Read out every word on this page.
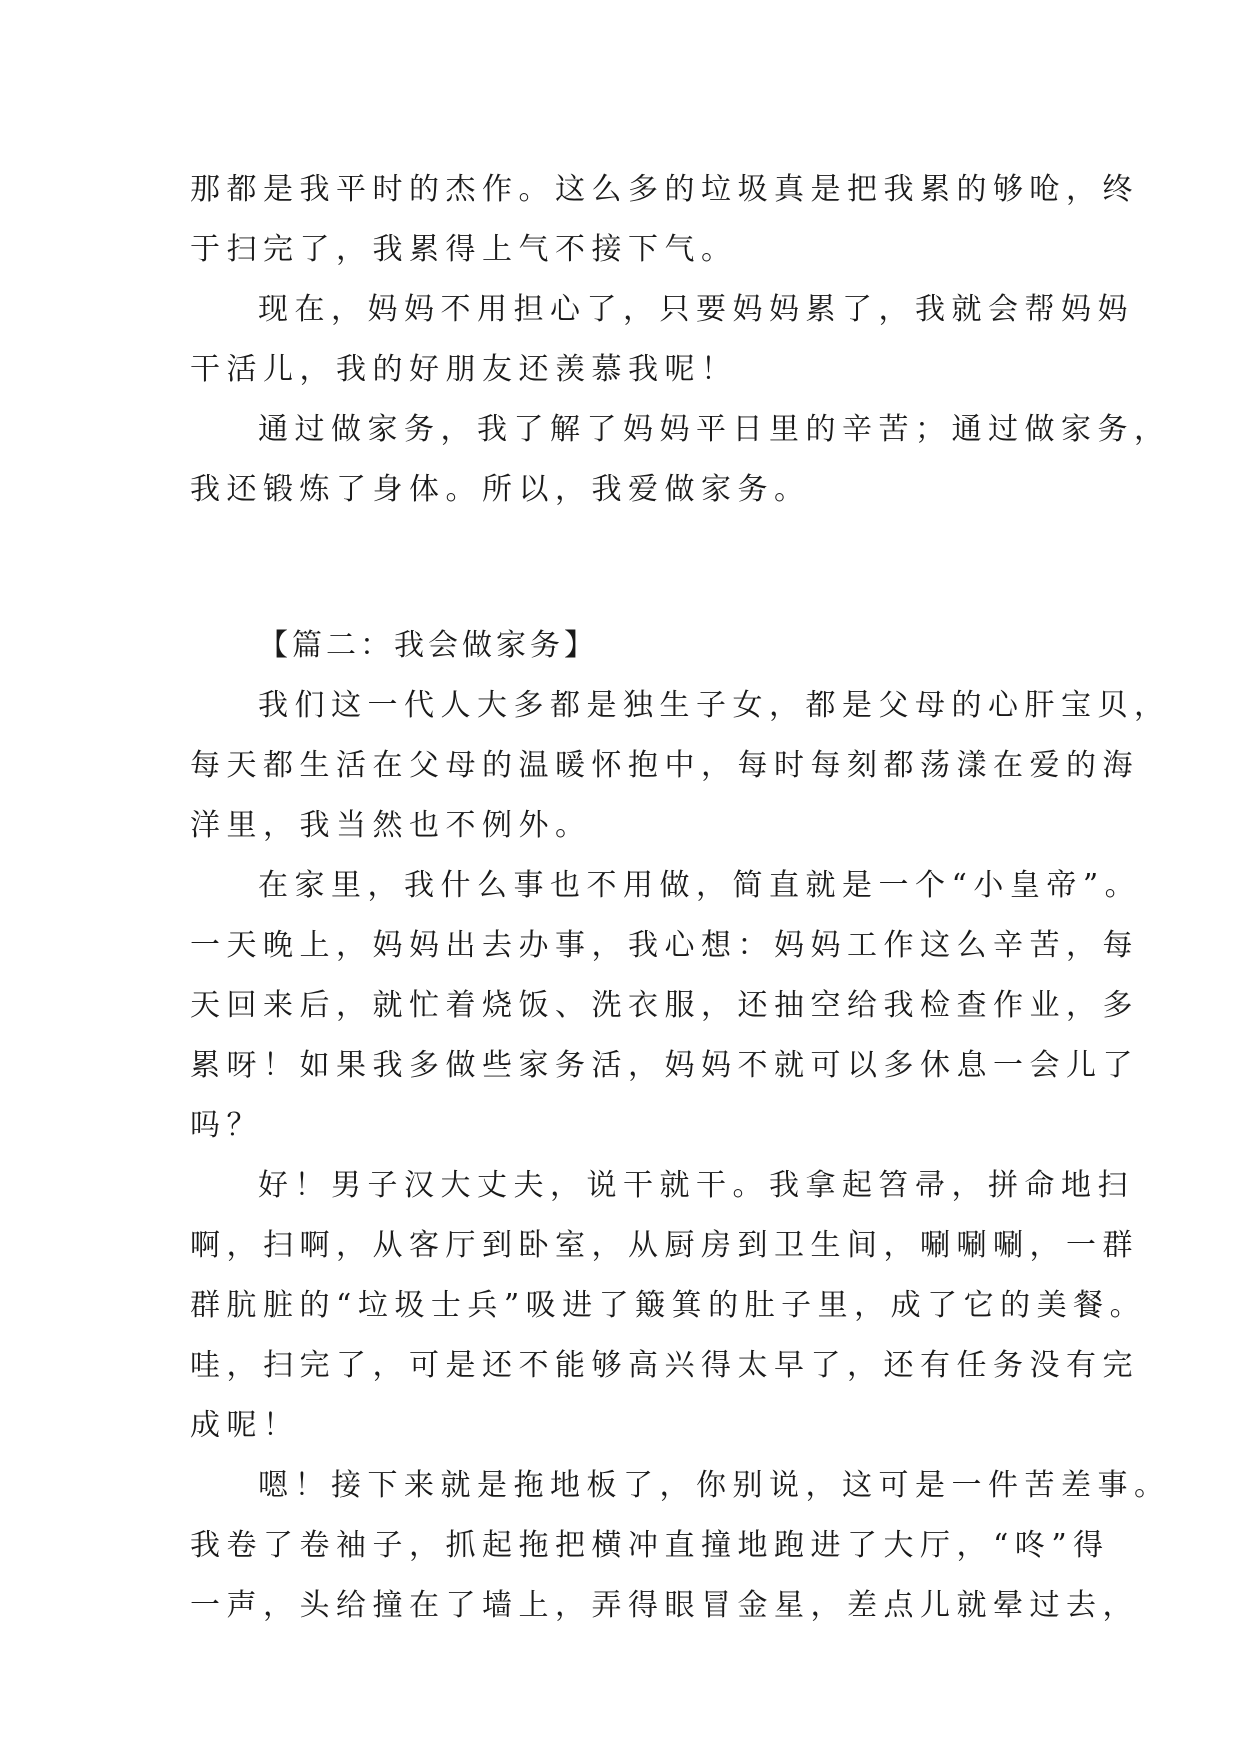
那都是我平时的杰作。这么多的垃圾真是把我累的够呛，终
于扫完了，我累得上气不接下气。
现在，妈妈不用担心了，只要妈妈累了，我就会帮妈妈
干活儿，我的好朋友还羡慕我呢！
通过做家务，我了解了妈妈平日里的辛苦；通过做家务，
我还锻炼了身体。所以，我爱做家务。
【篇二：我会做家务】
我们这一代人大多都是独生子女，都是父母的心肝宝贝，
每天都生活在父母的温暖怀抱中，每时每刻都荡漾在爱的海
洋里，我当然也不例外。
在家里，我什么事也不用做，简直就是一个“小皇帝”。
一天晚上，妈妈出去办事，我心想：妈妈工作这么辛苦，每
天回来后，就忙着烧饭、洗衣服，还抽空给我检查作业，多
累呀！如果我多做些家务活，妈妈不就可以多休息一会儿了
吗？
好！男子汉大丈夫，说干就干。我拿起笤帚，拼命地扫
啊，扫啊，从客厅到卧室，从厨房到卫生间，唰唰唰，一群
群肮脏的“垃圾士兵”吸进了簸箕的肚子里，成了它的美餐。
哇，扫完了，可是还不能够高兴得太早了，还有任务没有完
成呢！
嗯！接下来就是拖地板了，你别说，这可是一件苦差事。
我卷了卷袖子，抓起拖把横冲直撞地跑进了大厅，“咚”得
一声，头给撞在了墙上，弄得眼冒金星，差点儿就晕过去，
